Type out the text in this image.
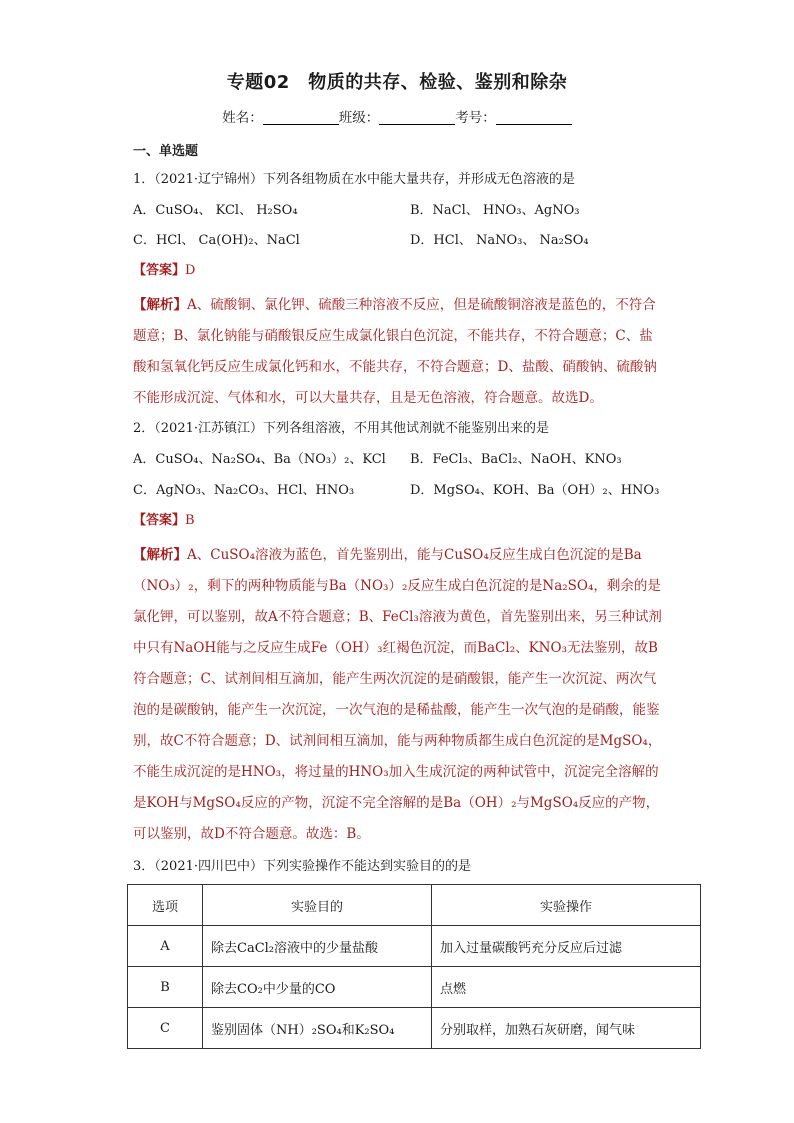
专题02　物质的共存、检验、鉴别和除杂
姓名：	班级：	考号：
一、单选题
1．（2021·辽宁锦州）下列各组物质在水中能大量共存，并形成无色溶液的是
A．CuSO₄、 KCl、 H₂SO₄	B．NaCl、 HNO₃、AgNO₃
C．HCl、 Ca(OH)₂、NaCl	D．HCl、 NaNO₃、 Na₂SO₄
【答案】D
【解析】A、硫酸铜、氯化钾、硫酸三种溶液不反应，但是硫酸铜溶液是蓝色的，不符合题意；B、氯化钠能与硝酸银反应生成氯化银白色沉淀，不能共存，不符合题意；C、盐酸和氢氧化钙反应生成氯化钙和水，不能共存，不符合题意；D、盐酸、硝酸钠、硫酸钠不能形成沉淀、气体和水，可以大量共存，且是无色溶液，符合题意。故选D。
2．（2021·江苏镇江）下列各组溶液，不用其他试剂就不能鉴别出来的是
A．CuSO₄、Na₂SO₄、Ba（NO₃）₂、KCl B．FeCl₃、BaCl₂、NaOH、KNO₃
C．AgNO₃、Na₂CO₃、HCl、HNO₃	D．MgSO₄、KOH、Ba（OH）₂、HNO₃
【答案】B
【解析】A、CuSO₄溶液为蓝色，首先鉴别出，能与CuSO₄反应生成白色沉淀的是Ba（NO₃）₂，剩下的两种物质能与Ba（NO₃）₂反应生成白色沉淀的是Na₂SO₄，剩余的是氯化钾，可以鉴别，故A不符合题意；B、FeCl₃溶液为黄色，首先鉴别出来，另三种试剂中只有NaOH能与之反应生成Fe（OH）₃红褐色沉淀，而BaCl₂、KNO₃无法鉴别，故B符合题意；C、试剂间相互滴加，能产生两次沉淀的是硝酸银，能产生一次沉淀、两次气泡的是碳酸钠，能产生一次沉淀，一次气泡的是稀盐酸，能产生一次气泡的是硝酸，能鉴别，故C不符合题意；D、试剂间相互滴加，能与两种物质都生成白色沉淀的是MgSO₄，不能生成沉淀的是HNO₃，将过量的HNO₃加入生成沉淀的两种试管中，沉淀完全溶解的是KOH与MgSO₄反应的产物，沉淀不完全溶解的是Ba（OH）₂与MgSO₄反应的产物，可以鉴别，故D不符合题意。故选：B。
3．（2021·四川巴中）下列实验操作不能达到实验目的的是
选项	实验目的	实验操作
A	除去CaCl₂溶液中的少量盐酸	加入过量碳酸钙充分反应后过滤
B	除去CO₂中少量的CO	点燃
C	鉴别固体（NH）₂SO₄和K₂SO₄	分别取样，加熟石灰研磨，闻气味
